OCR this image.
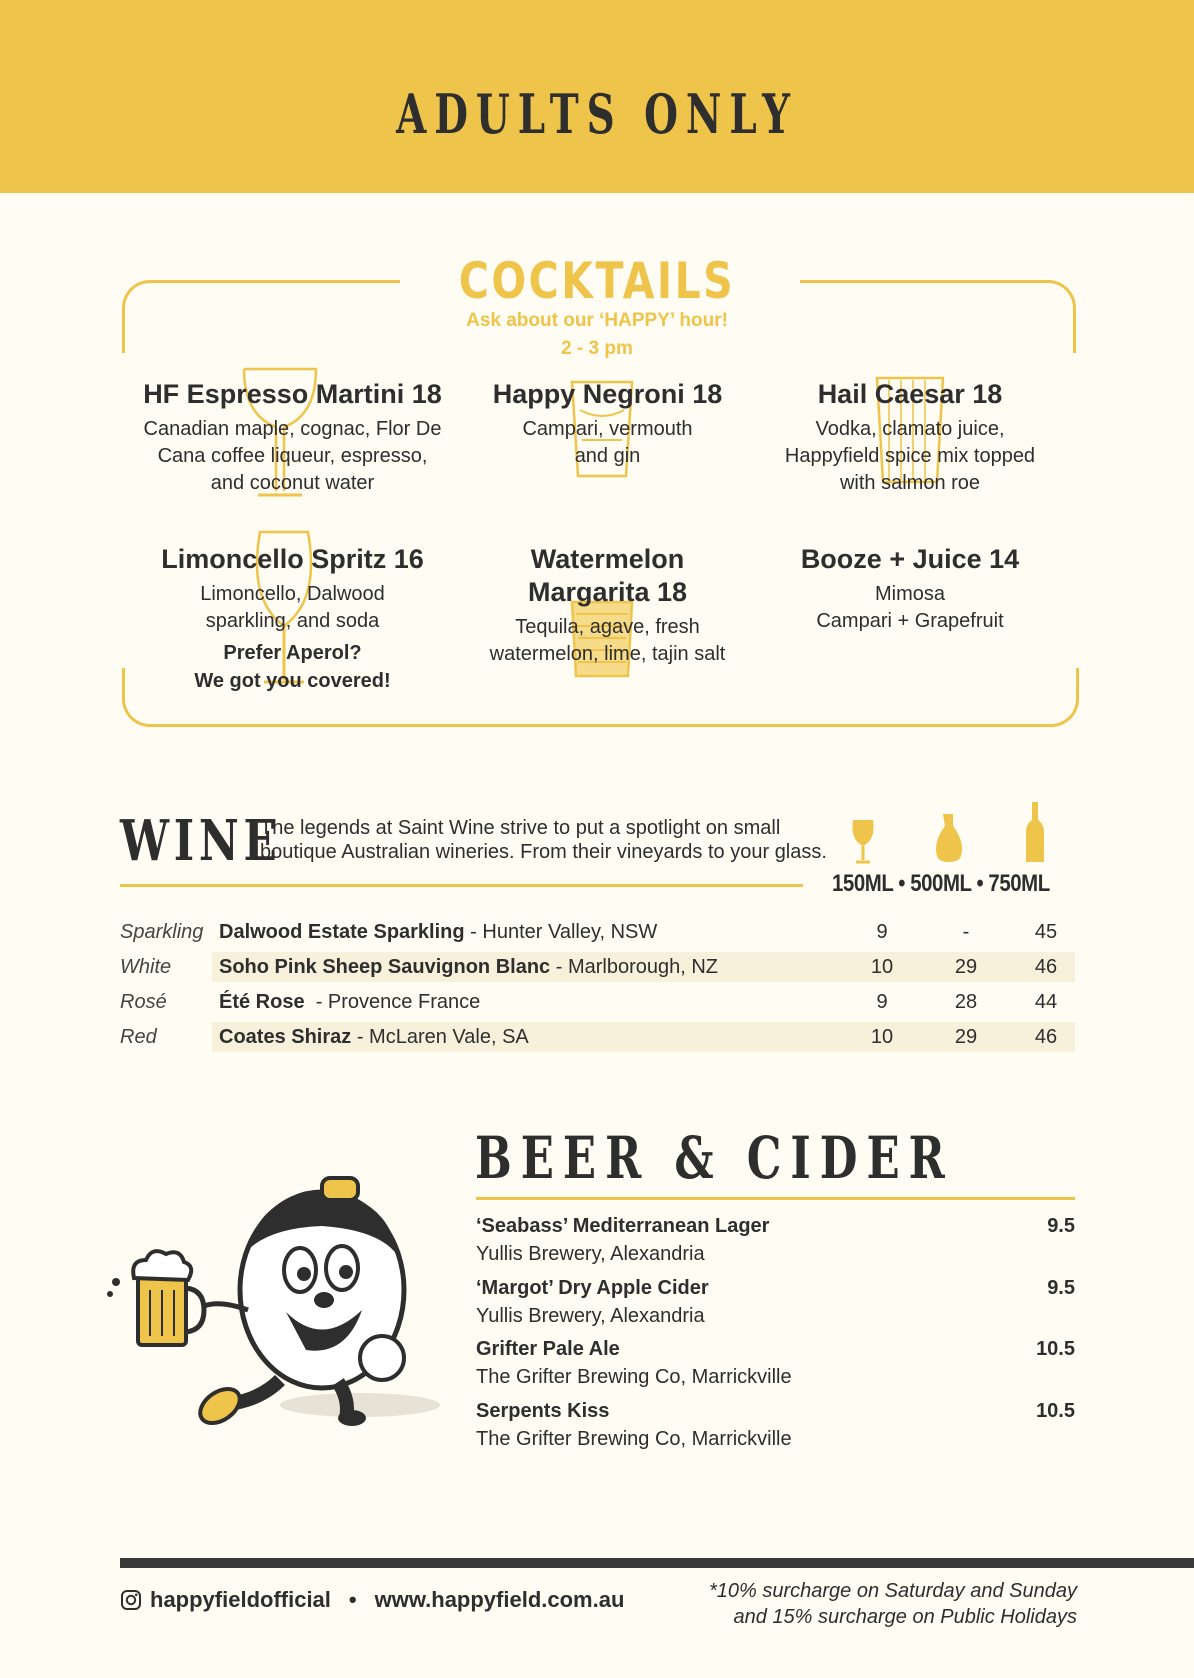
ADULTS ONLY
COCKTAILS
Ask about our ‘HAPPY’ hour!
2 - 3 pm
HF Espresso Martini 18
Canadian maple, cognac, Flor De
Cana coffee liqueur, espresso,
and coconut water
Happy Negroni 18
Campari, vermouth
and gin
Hail Caesar 18
Vodka, clamato juice,
Happyfield spice mix topped
with salmon roe
Limoncello Spritz 16
Limoncello, Dalwood
sparkling, and soda
Prefer Aperol?
We got you covered!
Watermelon
Margarita 18
Tequila, agave, fresh
watermelon, lime, tajin salt
Booze + Juice 14
Mimosa
Campari + Grapefruit
WINE
The legends at Saint Wine strive to put a spotlight on small
boutique Australian wineries. From their vineyards to your glass.
150ML • 500ML • 750ML
Sparkling Dalwood Estate Sparkling - Hunter Valley, NSW	9	-	45
White Soho Pink Sheep Sauvignon Blanc - Marlborough, NZ	10	29	46
Rosé	Été Rose  - Provence France	9	28	44
Red	Coates Shiraz - McLaren Vale, SA	10	29	46
BEER & CIDER
‘Seabass’ Mediterranean Lager
Yullis Brewery, Alexandria
9.5
‘Margot’ Dry Apple Cider
Yullis Brewery, Alexandria
9.5
Grifter Pale Ale
The Grifter Brewing Co, Marrickville
10.5
Serpents Kiss
The Grifter Brewing Co, Marrickville
10.5
happyfieldofficial • www.happyfield.com.au	*10% surcharge on Saturday and Sunday
and 15% surcharge on Public Holidays
